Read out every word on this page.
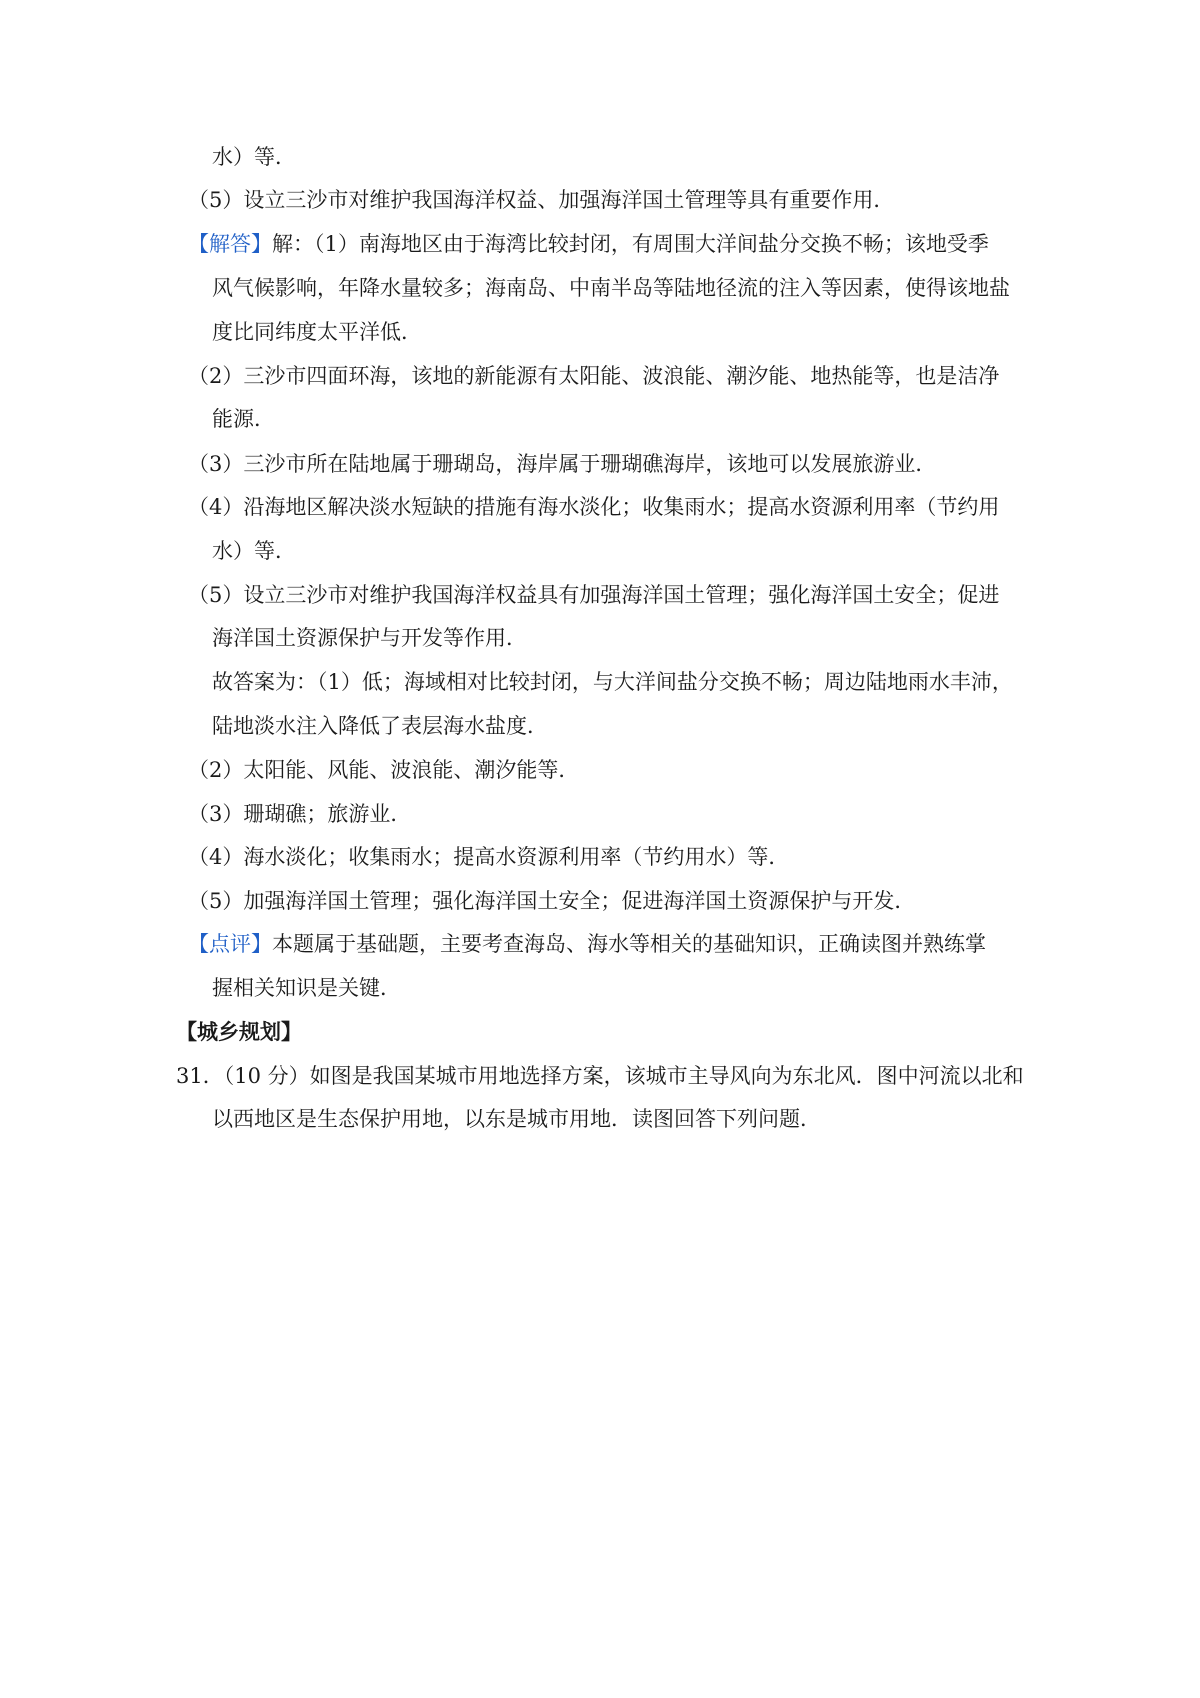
水）等．
（5）设立三沙市对维护我国海洋权益、加强海洋国土管理等具有重要作用．
【解答】解：（1）南海地区由于海湾比较封闭，有周围大洋间盐分交换不畅；该地受季
风气候影响，年降水量较多；海南岛、中南半岛等陆地径流的注入等因素，使得该地盐
度比同纬度太平洋低．
（2）三沙市四面环海，该地的新能源有太阳能、波浪能、潮汐能、地热能等，也是洁净
能源．
（3）三沙市所在陆地属于珊瑚岛，海岸属于珊瑚礁海岸，该地可以发展旅游业．
（4）沿海地区解决淡水短缺的措施有海水淡化；收集雨水；提高水资源利用率（节约用
水）等．
（5）设立三沙市对维护我国海洋权益具有加强海洋国土管理；强化海洋国土安全；促进
海洋国土资源保护与开发等作用．
故答案为：（1）低；海域相对比较封闭，与大洋间盐分交换不畅；周边陆地雨水丰沛，
陆地淡水注入降低了表层海水盐度．
（2）太阳能、风能、波浪能、潮汐能等．
（3）珊瑚礁；旅游业．
（4）海水淡化；收集雨水；提高水资源利用率（节约用水）等．
（5）加强海洋国土管理；强化海洋国土安全；促进海洋国土资源保护与开发．
【点评】本题属于基础题，主要考查海岛、海水等相关的基础知识，正确读图并熟练掌
握相关知识是关键．
【城乡规划】
31．（10 分）如图是我国某城市用地选择方案，该城市主导风向为东北风．图中河流以北和
以西地区是生态保护用地，以东是城市用地．读图回答下列问题．
